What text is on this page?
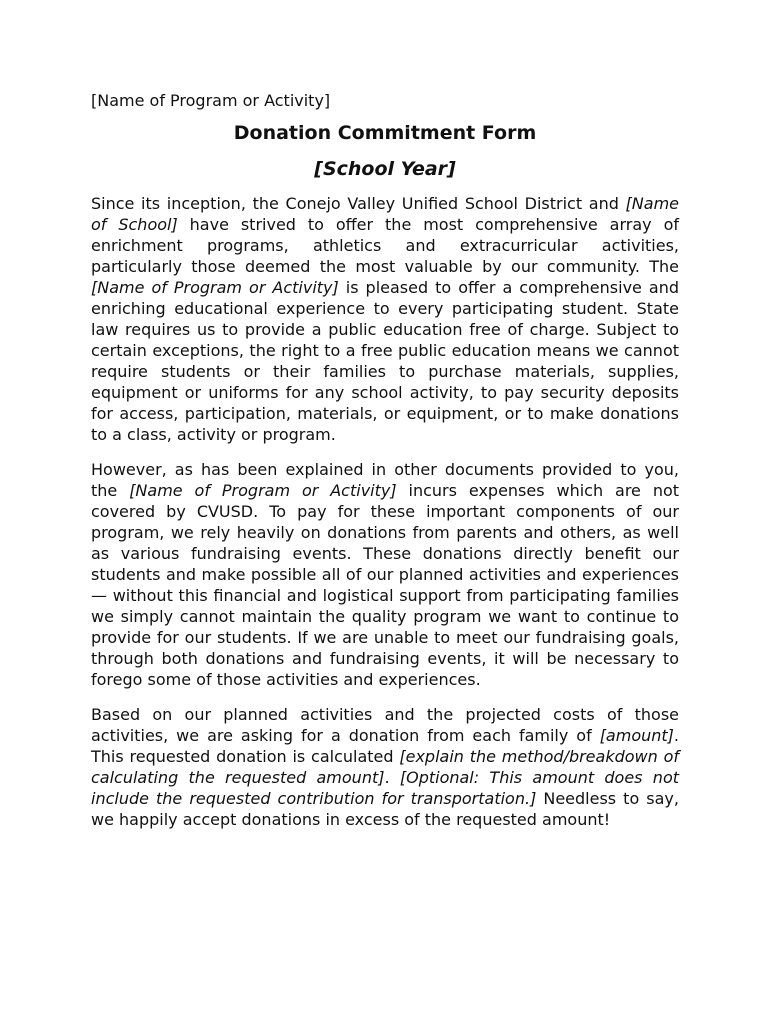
[Name of Program or Activity]
Donation Commitment Form
[School Year]

Since its inception, the Conejo Valley Unified School District and [Name of School] have strived to offer the most comprehensive array of enrichment programs, athletics and extracurricular activities, particularly those deemed the most valuable by our community. The [Name of Program or Activity] is pleased to offer a comprehensive and enriching educational experience to every participating student. State law requires us to provide a public education free of charge. Subject to certain exceptions, the right to a free public education means we cannot require students or their families to purchase materials, supplies, equipment or uniforms for any school activity, to pay security deposits for access, participation, materials, or equipment, or to make donations to a class, activity or program.

However, as has been explained in other documents provided to you, the [Name of Program or Activity] incurs expenses which are not covered by CVUSD. To pay for these important components of our program, we rely heavily on donations from parents and others, as well as various fundraising events. These donations directly benefit our students and make possible all of our planned activities and experiences — without this financial and logistical support from participating families we simply cannot maintain the quality program we want to continue to provide for our students. If we are unable to meet our fundraising goals, through both donations and fundraising events, it will be necessary to forego some of those activities and experiences.

Based on our planned activities and the projected costs of those activities, we are asking for a donation from each family of [amount]. This requested donation is calculated [explain the method/breakdown of calculating the requested amount]. [Optional: This amount does not include the requested contribution for transportation.] Needless to say, we happily accept donations in excess of the requested amount!
